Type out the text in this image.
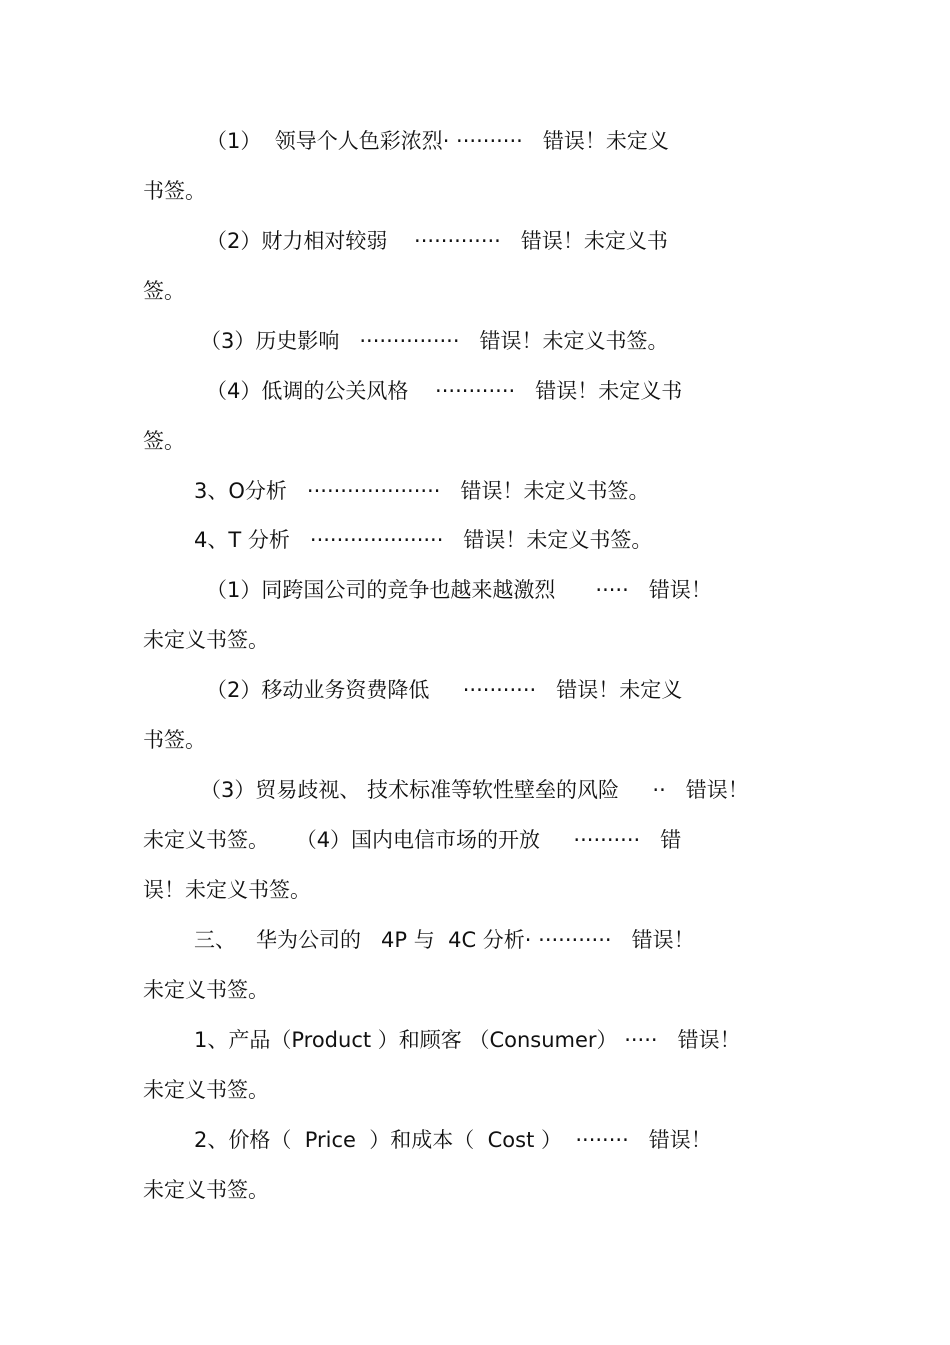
（1）  领导个人色彩浓烈· ··········   错误！未定义
书签。
（2）财力相对较弱    ·············   错误！未定义书
签。
（3）历史影响   ···············   错误！未定义书签。
（4）低调的公关风格    ············   错误！未定义书
签。
3、O分析   ····················   错误！未定义书签。
4、T 分析   ····················   错误！未定义书签。
（1）同跨国公司的竞争也越来越激烈      ·····   错误！
未定义书签。
（2）移动业务资费降低     ···········   错误！未定义
书签。
（3）贸易歧视、 技术标准等软性壁垒的风险     ··   错误！
未定义书签。    （4）国内电信市场的开放     ··········   错
误！未定义书签。
三、   华为公司的   4P 与  4C 分析· ···········   错误！
未定义书签。
1、产品（Product ）和顾客 （Consumer） ·····   错误！
未定义书签。
2、价格（  Price  ）和成本（  Cost ）  ········   错误！
未定义书签。
